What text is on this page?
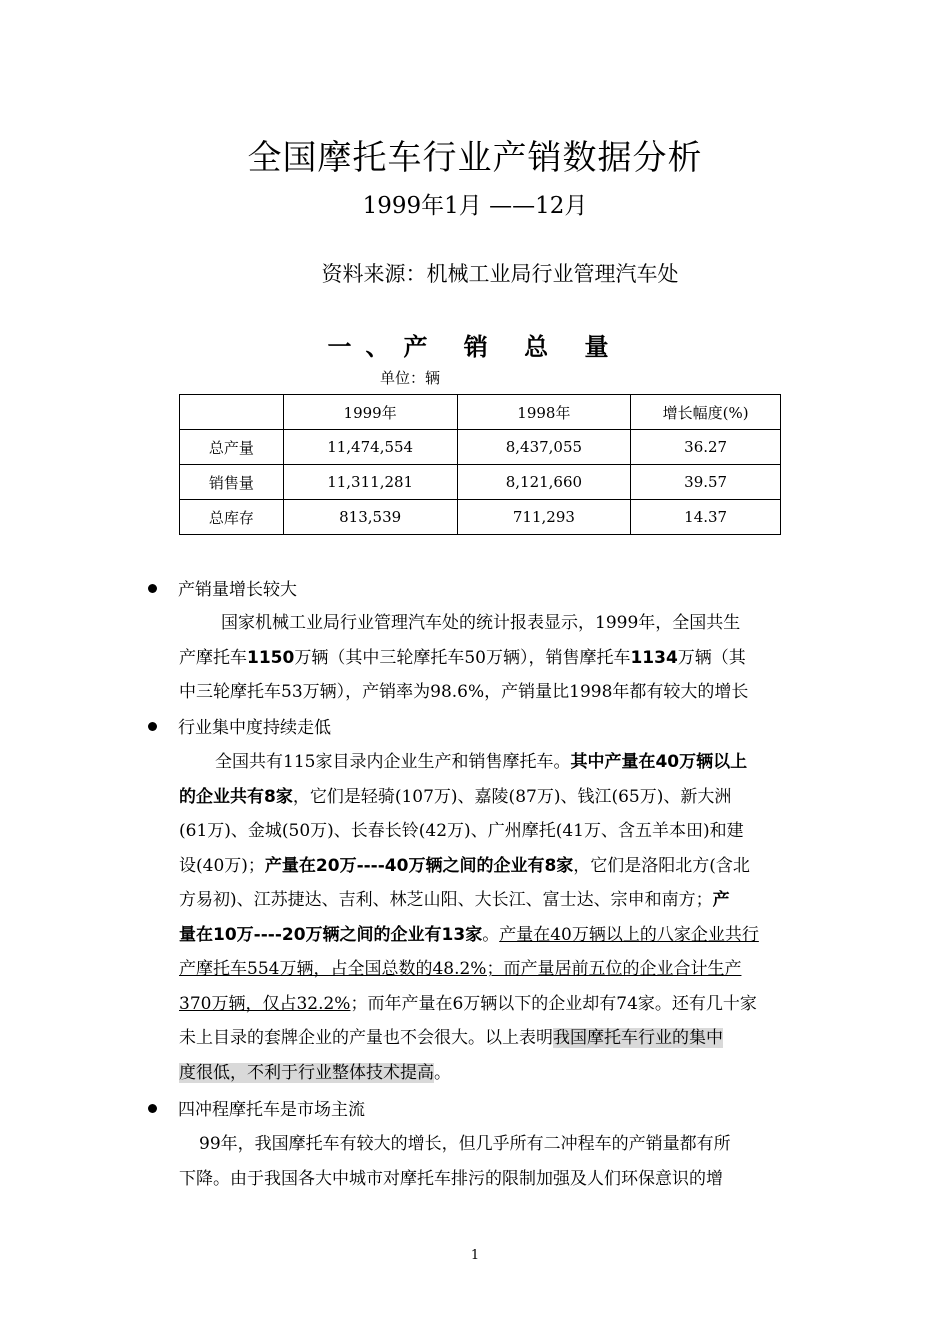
全国摩托车行业产销数据分析
1999年1月 ——12月
资料来源：机械工业局行业管理汽车处
一、产 销 总 量
单位：辆
	1999年	1998年	增长幅度(%)
总产量	11,474,554	8,437,055	36.27
销售量	11,311,281	8,121,660	39.57
总库存	813,539	711,293	14.37
产销量增长较大
国家机械工业局行业管理汽车处的统计报表显示，1999年，全国共生
产摩托车1150万辆（其中三轮摩托车50万辆），销售摩托车1134万辆（其
中三轮摩托车53万辆），产销率为98.6%，产销量比1998年都有较大的增长
行业集中度持续走低
全国共有115家目录内企业生产和销售摩托车。其中产量在40万辆以上
的企业共有8家，它们是轻骑(107万)、嘉陵(87万)、钱江(65万)、新大洲
(61万)、金城(50万)、长春长铃(42万)、广州摩托(41万、含五羊本田)和建
设(40万)；产量在20万----40万辆之间的企业有8家，它们是洛阳北方(含北
方易初)、江苏捷达、吉利、林芝山阳、大长江、富士达、宗申和南方；产
量在10万----20万辆之间的企业有13家。产量在40万辆以上的八家企业共行
产摩托车554万辆，占全国总数的48.2%；而产量居前五位的企业合计生产
370万辆，仅占32.2%；而年产量在6万辆以下的企业却有74家。还有几十家
未上目录的套牌企业的产量也不会很大。以上表明我国摩托车行业的集中
度很低，不利于行业整体技术提高。
四冲程摩托车是市场主流
99年，我国摩托车有较大的增长，但几乎所有二冲程车的产销量都有所
下降。由于我国各大中城市对摩托车排污的限制加强及人们环保意识的增
1
